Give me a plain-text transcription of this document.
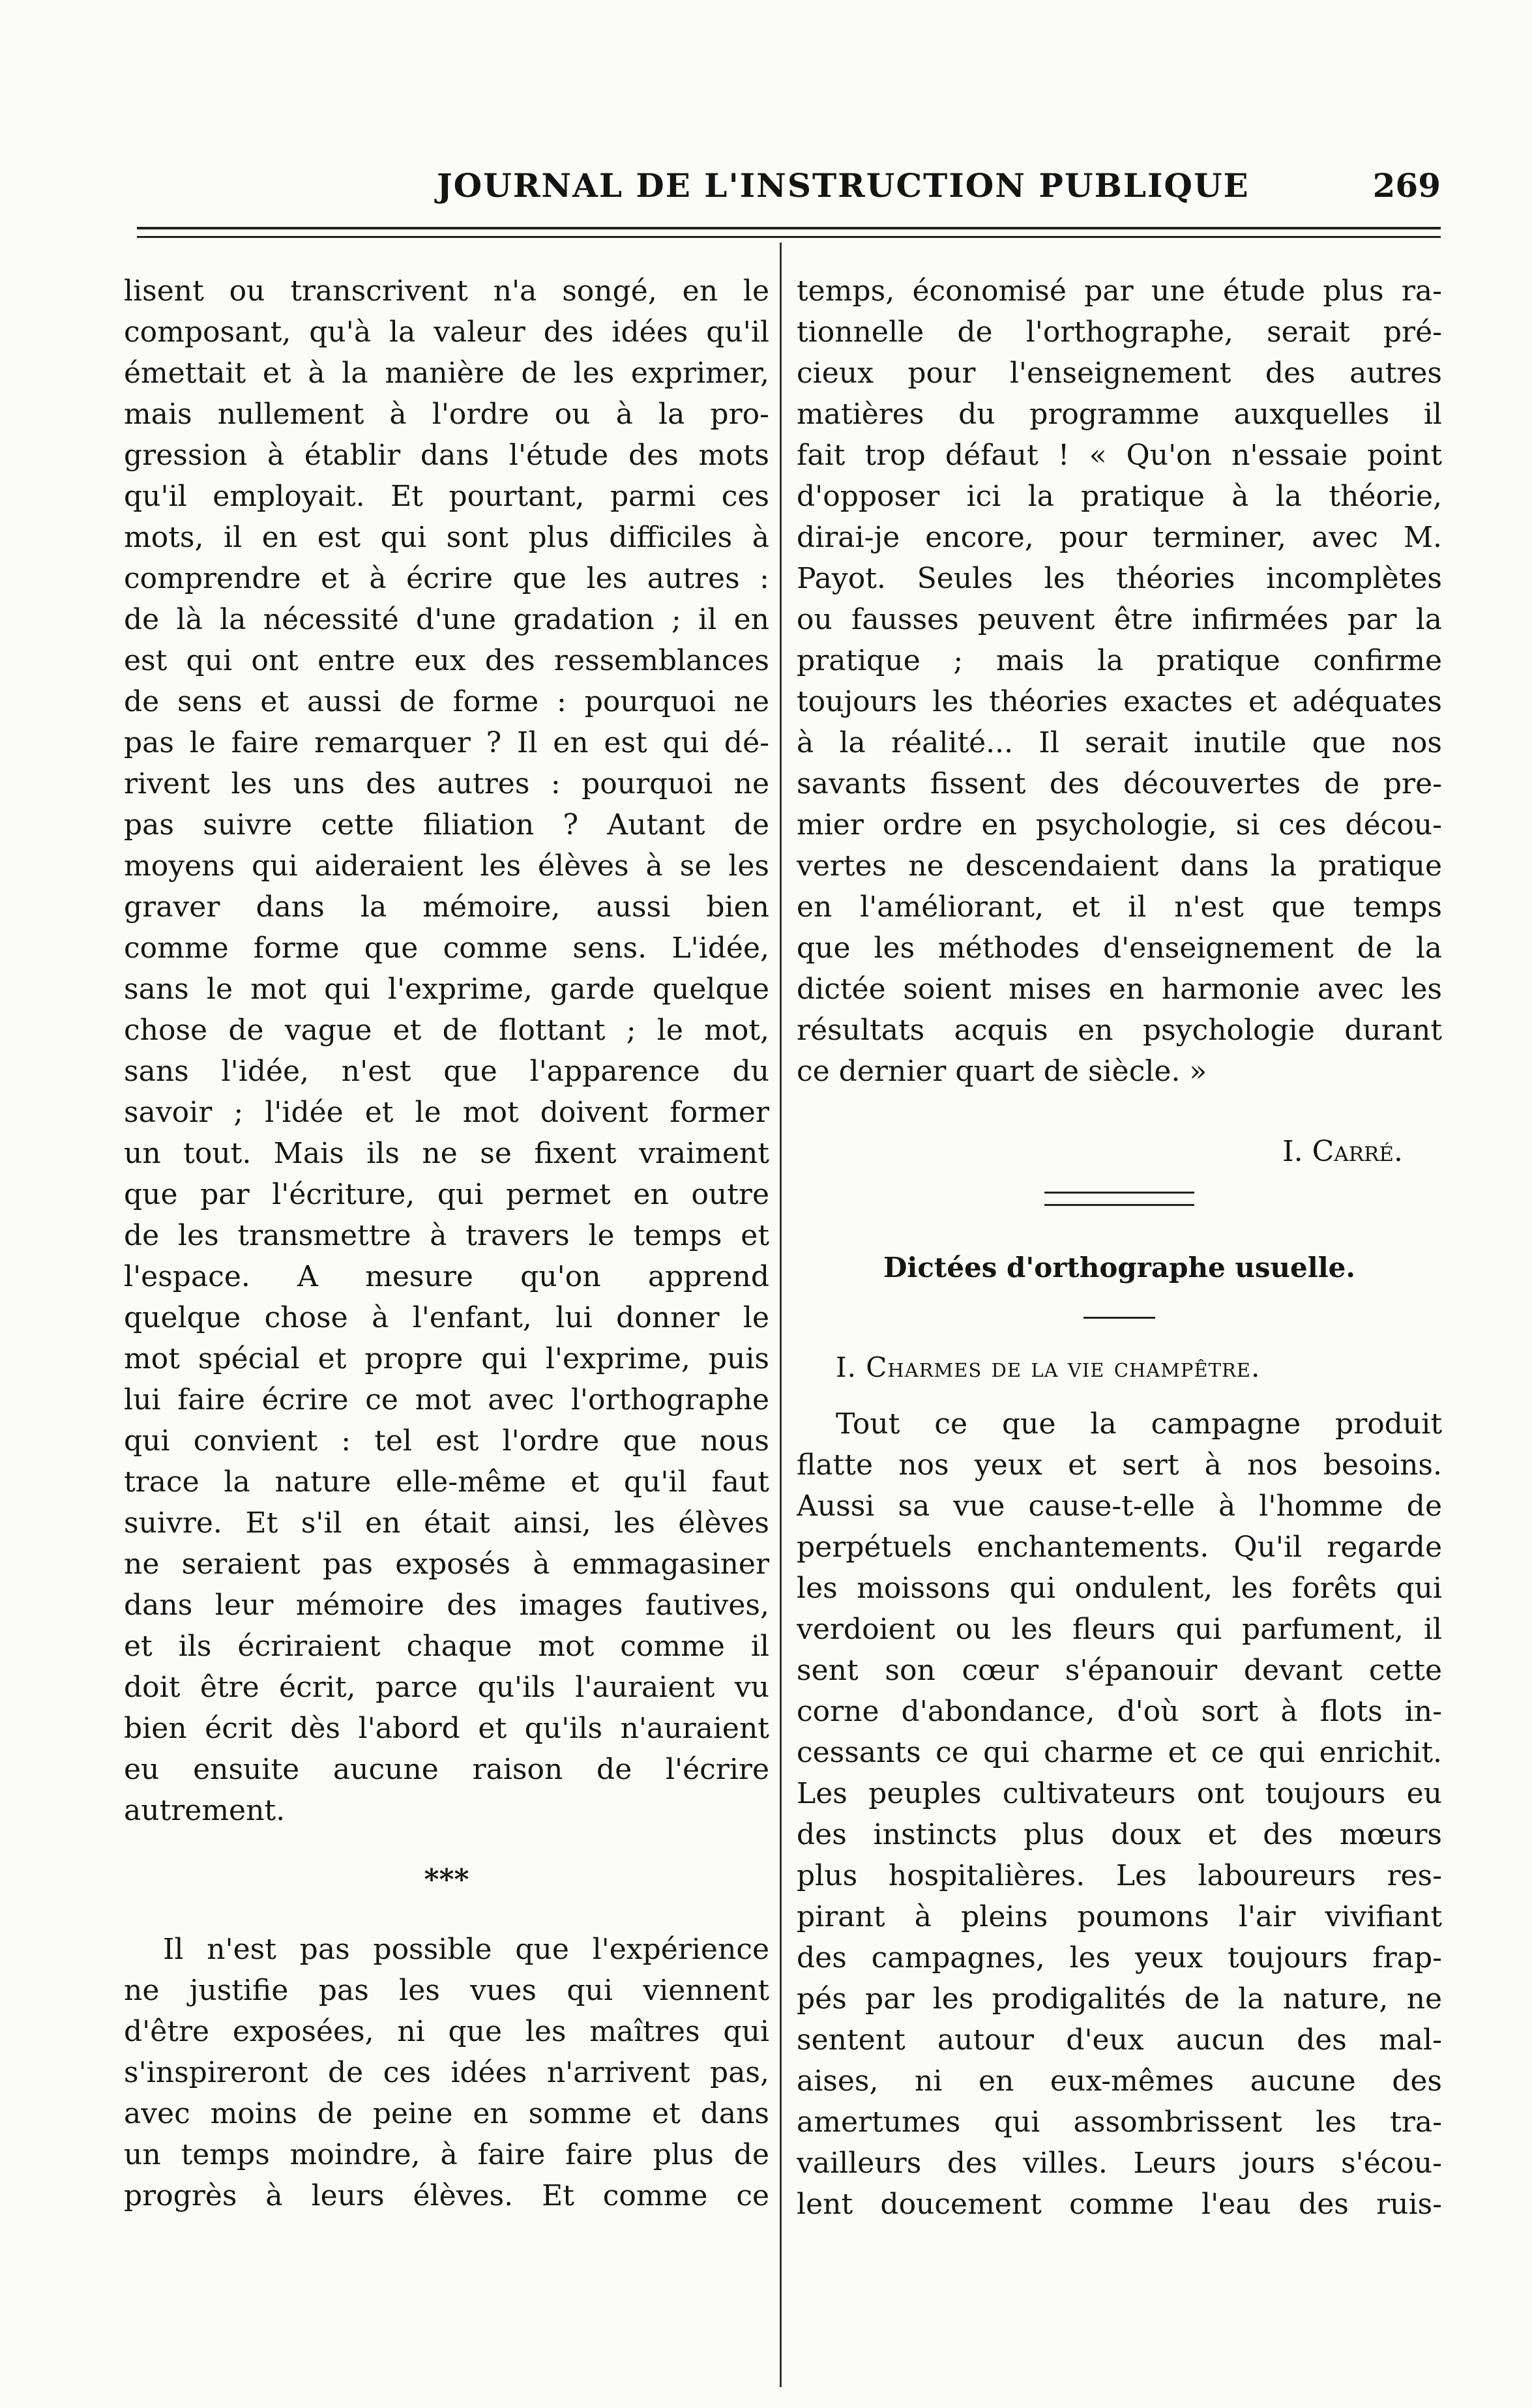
JOURNAL DE L'INSTRUCTION PUBLIQUE	269
lisent ou transcrivent n'a songé, en le
composant, qu'à la valeur des idées qu'il
émettait et à la manière de les exprimer,
mais nullement à l'ordre ou à la pro-
gression à établir dans l'étude des mots
qu'il employait. Et pourtant, parmi ces
mots, il en est qui sont plus difficiles à
comprendre et à écrire que les autres :
de là la nécessité d'une gradation ; il en
est qui ont entre eux des ressemblances
de sens et aussi de forme : pourquoi ne
pas le faire remarquer ? Il en est qui dé-
rivent les uns des autres : pourquoi ne
pas suivre cette filiation ? Autant de
moyens qui aideraient les élèves à se les
graver dans la mémoire, aussi bien
comme forme que comme sens. L'idée,
sans le mot qui l'exprime, garde quelque
chose de vague et de flottant ; le mot,
sans l'idée, n'est que l'apparence du
savoir ; l'idée et le mot doivent former
un tout. Mais ils ne se fixent vraiment
que par l'écriture, qui permet en outre
de les transmettre à travers le temps et
l'espace. A mesure qu'on apprend
quelque chose à l'enfant, lui donner le
mot spécial et propre qui l'exprime, puis
lui faire écrire ce mot avec l'orthographe
qui convient : tel est l'ordre que nous
trace la nature elle-même et qu'il faut
suivre. Et s'il en était ainsi, les élèves
ne seraient pas exposés à emmagasiner
dans leur mémoire des images fautives,
et ils écriraient chaque mot comme il
doit être écrit, parce qu'ils l'auraient vu
bien écrit dès l'abord et qu'ils n'auraient
eu ensuite aucune raison de l'écrire
autrement.
***
Il n'est pas possible que l'expérience
ne justifie pas les vues qui viennent
d'être exposées, ni que les maîtres qui
s'inspireront de ces idées n'arrivent pas,
avec moins de peine en somme et dans
un temps moindre, à faire faire plus de
progrès à leurs élèves. Et comme ce
temps, économisé par une étude plus ra-
tionnelle de l'orthographe, serait pré-
cieux pour l'enseignement des autres
matières du programme auxquelles il
fait trop défaut ! « Qu'on n'essaie point
d'opposer ici la pratique à la théorie,
dirai-je encore, pour terminer, avec M.
Payot. Seules les théories incomplètes
ou fausses peuvent être infirmées par la
pratique ; mais la pratique confirme
toujours les théories exactes et adéquates
à la réalité... Il serait inutile que nos
savants fissent des découvertes de pre-
mier ordre en psychologie, si ces décou-
vertes ne descendaient dans la pratique
en l'améliorant, et il n'est que temps
que les méthodes d'enseignement de la
dictée soient mises en harmonie avec les
résultats acquis en psychologie durant
ce dernier quart de siècle. »
I. Carré.
Dictées d'orthographe usuelle.
I. Charmes de la vie champêtre.
Tout ce que la campagne produit
flatte nos yeux et sert à nos besoins.
Aussi sa vue cause-t-elle à l'homme de
perpétuels enchantements. Qu'il regarde
les moissons qui ondulent, les forêts qui
verdoient ou les fleurs qui parfument, il
sent son cœur s'épanouir devant cette
corne d'abondance, d'où sort à flots in-
cessants ce qui charme et ce qui enrichit.
Les peuples cultivateurs ont toujours eu
des instincts plus doux et des mœurs
plus hospitalières. Les laboureurs res-
pirant à pleins poumons l'air vivifiant
des campagnes, les yeux toujours frap-
pés par les prodigalités de la nature, ne
sentent autour d'eux aucun des mal-
aises, ni en eux-mêmes aucune des
amertumes qui assombrissent les tra-
vailleurs des villes. Leurs jours s'écou-
lent doucement comme l'eau des ruis-
